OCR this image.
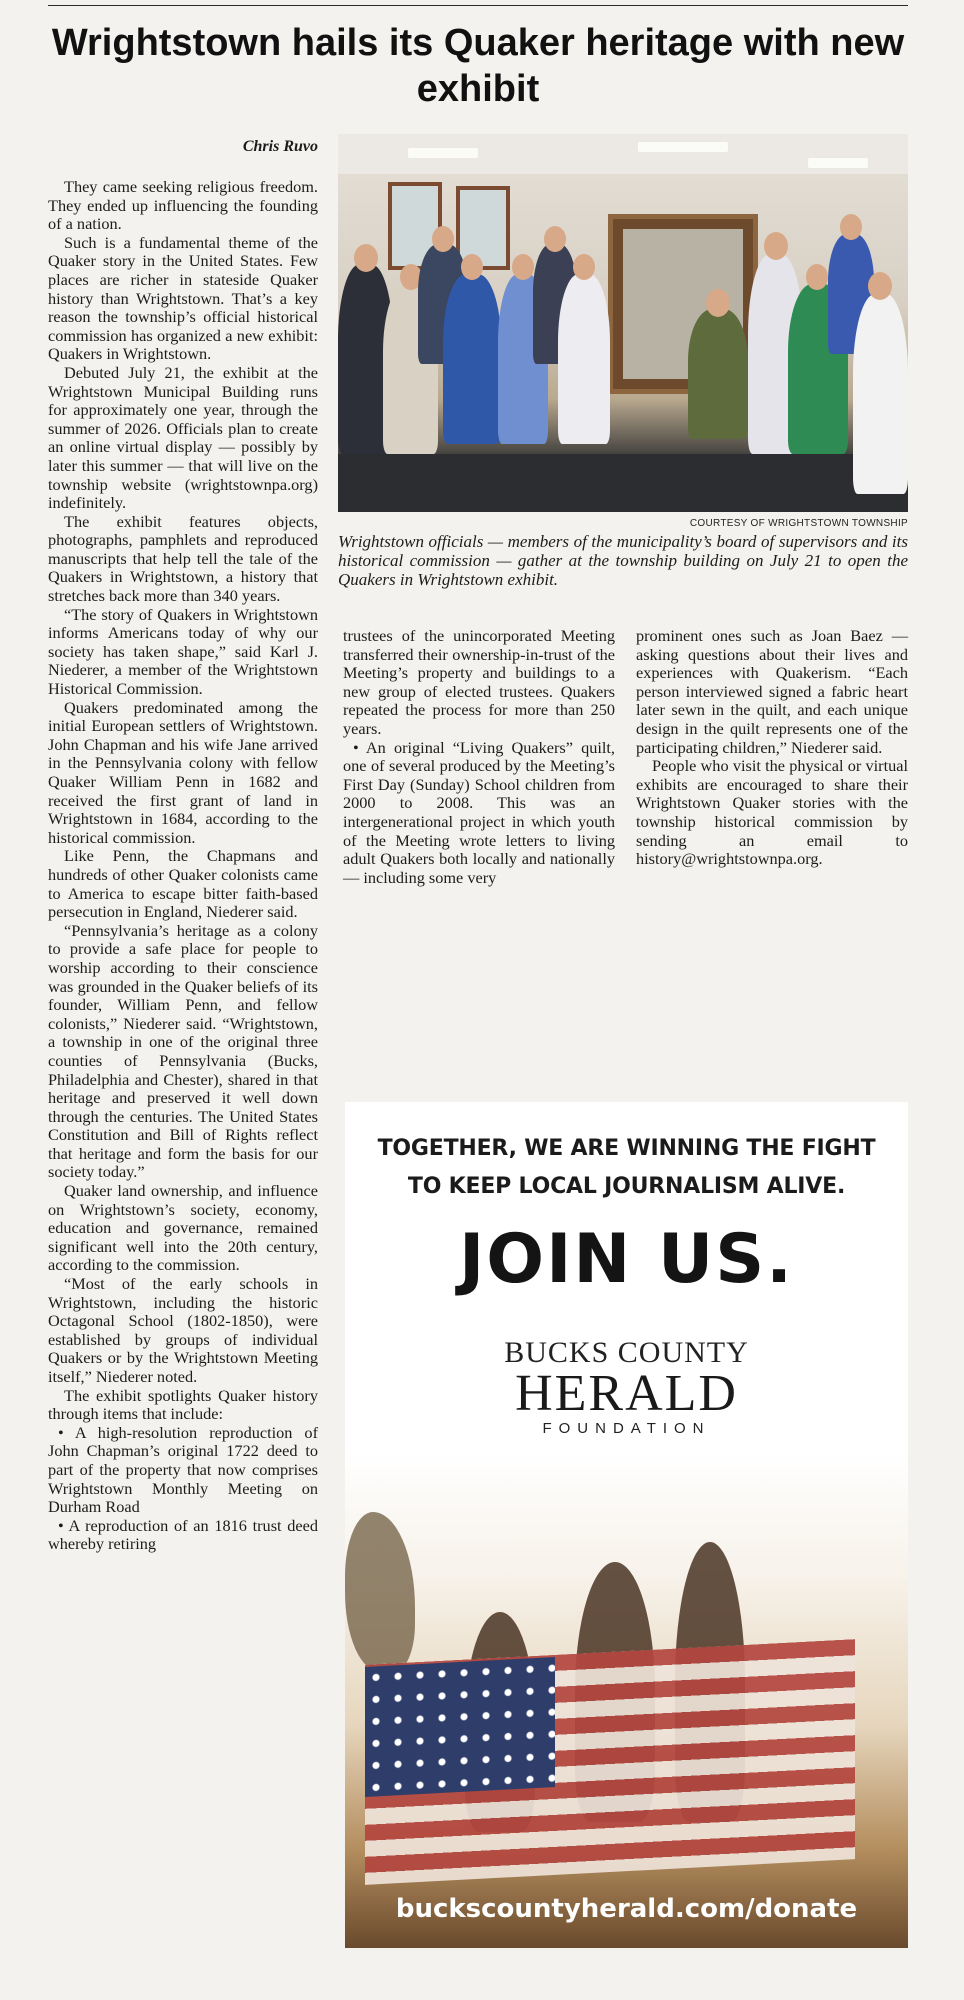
Wrightstown hails its Quaker heritage with new exhibit

Chris Ruvo

They came seeking religious freedom. They ended up influencing the founding of a nation.

Such is a fundamental theme of the Quaker story in the United States. Few places are richer in stateside Quaker history than Wrightstown. That’s a key reason the township’s official historical commission has organized a new exhibit: Quakers in Wrightstown.

Debuted July 21, the exhibit at the Wrightstown Municipal Building runs for approximately one year, through the summer of 2026. Officials plan to create an online virtual display — possibly by later this summer — that will live on the township website (wrightstownpa.org) indefinitely.

The exhibit features objects, photographs, pamphlets and reproduced manuscripts that help tell the tale of the Quakers in Wrightstown, a history that stretches back more than 340 years.

“The story of Quakers in Wrightstown informs Americans today of why our society has taken shape,” said Karl J. Niederer, a member of the Wrightstown Historical Commission.

Quakers predominated among the initial European settlers of Wrightstown. John Chapman and his wife Jane arrived in the Pennsylvania colony with fellow Quaker William Penn in 1682 and received the first grant of land in Wrightstown in 1684, according to the historical commission.

Like Penn, the Chapmans and hundreds of other Quaker colonists came to America to escape bitter faith-based persecution in England, Niederer said.

“Pennsylvania’s heritage as a colony to provide a safe place for people to worship according to their conscience was grounded in the Quaker beliefs of its founder, William Penn, and fellow colonists,” Niederer said. “Wrightstown, a township in one of the original three counties of Pennsylvania (Bucks, Philadelphia and Chester), shared in that heritage and preserved it well down through the centuries. The United States Constitution and Bill of Rights reflect that heritage and form the basis for our society today.”

Quaker land ownership, and influence on Wrightstown’s society, economy, education and governance, remained significant well into the 20th century, according to the commission.

“Most of the early schools in Wrightstown, including the historic Octagonal School (1802-1850), were established by groups of individual Quakers or by the Wrightstown Meeting itself,” Niederer noted.

The exhibit spotlights Quaker history through items that include:

• A high-resolution reproduction of John Chapman’s original 1722 deed to part of the property that now comprises Wrightstown Monthly Meeting on Durham Road

• A reproduction of an 1816 trust deed whereby retiring

COURTESY OF WRIGHTSTOWN TOWNSHIP

Wrightstown officials — members of the municipality’s board of supervisors and its historical commission — gather at the township building on July 21 to open the Quakers in Wrightstown exhibit.

trustees of the unincorporated Meeting transferred their ownership-in-trust of the Meeting’s property and buildings to a new group of elected trustees. Quakers repeated the process for more than 250 years.

• An original “Living Quakers” quilt, one of several produced by the Meeting’s First Day (Sunday) School children from 2000 to 2008. This was an intergenerational project in which youth of the Meeting wrote letters to living adult Quakers both locally and nationally — including some very

prominent ones such as Joan Baez — asking questions about their lives and experiences with Quakerism. “Each person interviewed signed a fabric heart later sewn in the quilt, and each unique design in the quilt represents one of the participating children,” Niederer said.

People who visit the physical or virtual exhibits are encouraged to share their Wrightstown Quaker stories with the township historical commission by sending an email to history@wrightstownpa.org.

TOGETHER, WE ARE WINNING THE FIGHT

TO KEEP LOCAL JOURNALISM ALIVE.

JOIN US.

BUCKS COUNTY

HERALD

FOUNDATION

buckscountyherald.com/donate
